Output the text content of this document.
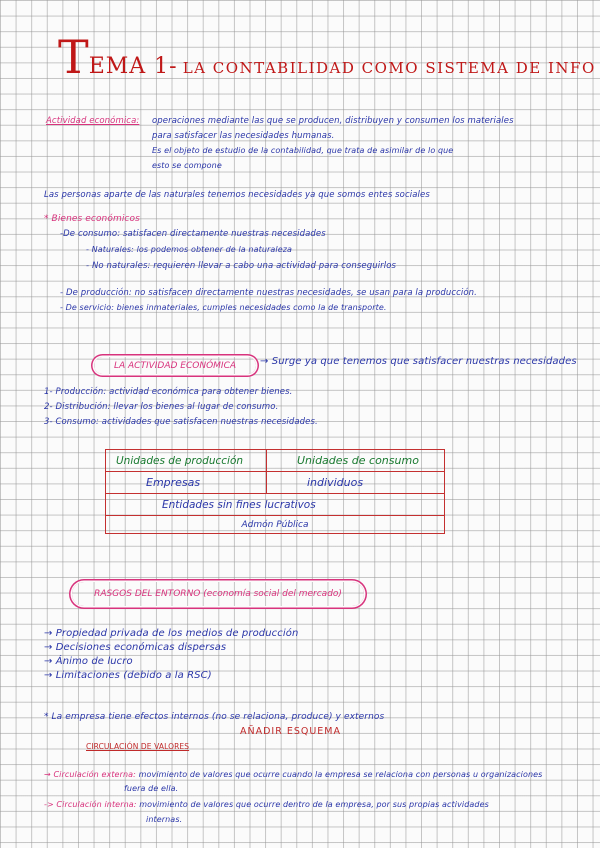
TEMA 1- LA CONTABILIDAD COMO SISTEMA DE INFO
Actividad económica: operaciones mediante las que se producen, distribuyen y consumen los materiales
para satisfacer las necesidades humanas.
Es el objeto de estudio de la contabilidad, que trata de asimilar de lo que
esto se compone
Las personas aparte de las naturales tenemos necesidades ya que somos entes sociales
* Bienes económicos
-De consumo: satisfacen directamente nuestras necesidades
- Naturales: los podemos obtener de la naturaleza
- No naturales: requieren llevar a cabo una actividad para conseguirlos
- De producción: no satisfacen directamente nuestras necesidades, se usan para la producción.
- De servicio: bienes inmateriales, cumples necesidades como la de transporte.
LA ACTIVIDAD ECONÓMICA → Surge ya que tenemos que satisfacer nuestras necesidades
1- Producción: actividad económica para obtener bienes.
2- Distribución: llevar los bienes al lugar de consumo.
3- Consumo: actividades que satisfacen nuestras necesidades.
Unidades de producción	Unidades de consumo
Empresas	individuos
Entidades sin fines lucrativos	
Admón Pública	
RASGOS DEL ENTORNO (economía social del mercado)
→ Propiedad privada de los medios de producción
→ Decisiones económicas dispersas
→ Ánimo de lucro
→ Limitaciones (debido a la RSC)
* La empresa tiene efectos internos (no se relaciona, produce) y externos
AÑADIR ESQUEMA
CIRCULACIÓN DE VALORES
→ Circulación externa: movimiento de valores que ocurre cuando la empresa se relaciona con personas u organizaciones
fuera de ella.
-> Circulación interna: movimiento de valores que ocurre dentro de la empresa, por sus propias actividades
internas.
